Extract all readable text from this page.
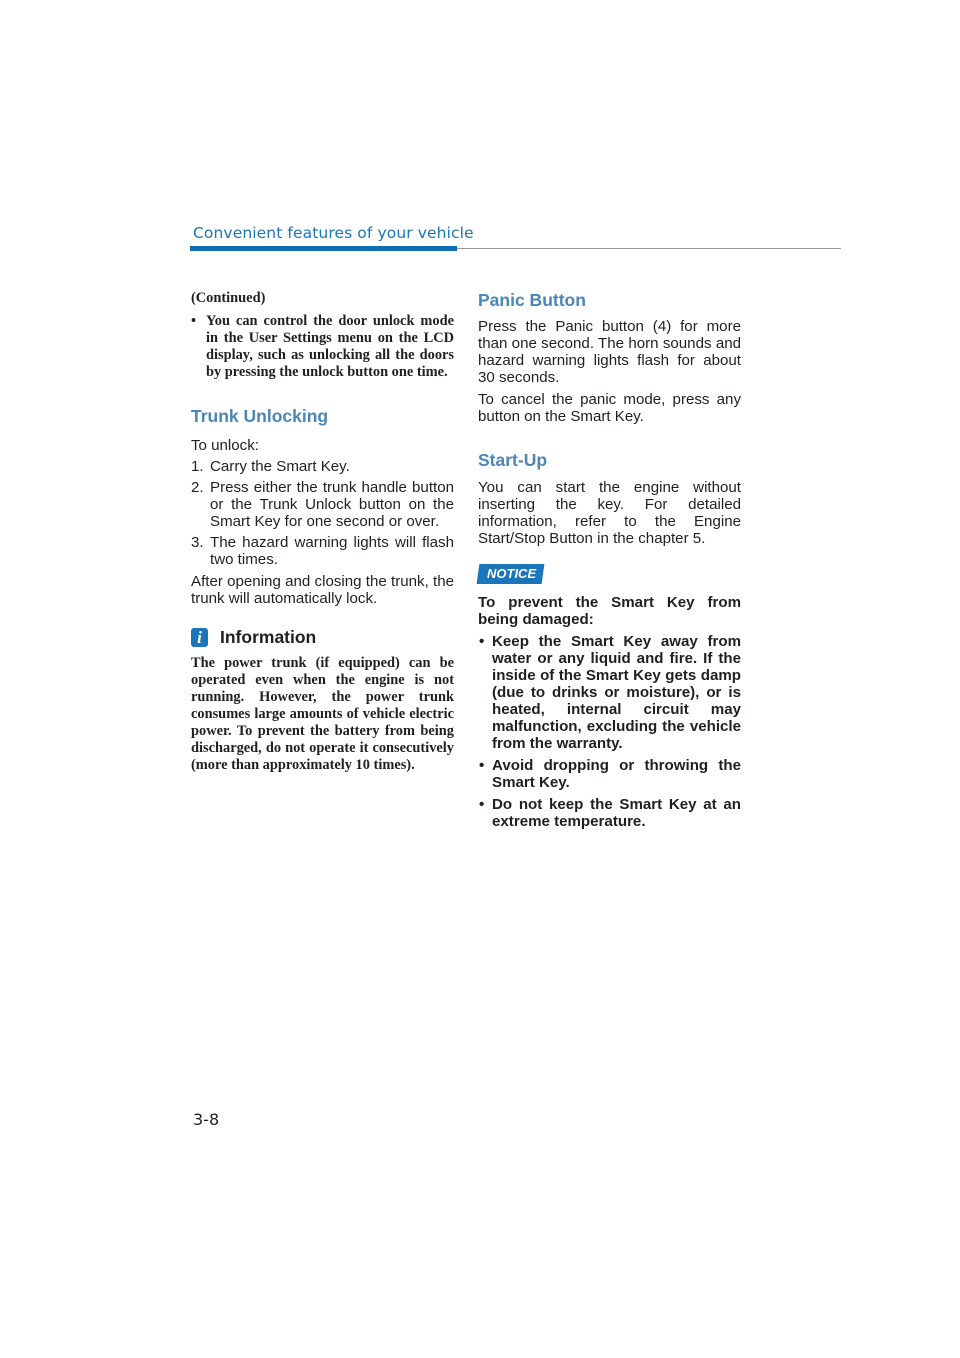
Convenient features of your vehicle
(Continued)
• You can control the door unlock mode in the User Settings menu on the LCD display, such as unlocking all the doors by pressing the unlock button one time.
Trunk Unlocking

To unlock:

1. Carry the Smart Key.
2. Press either the trunk handle button or the Trunk Unlock button on the Smart Key for one second or over.
3. The hazard warning lights will flash two times.

After opening and closing the trunk, the trunk will automatically lock.

i	Information
The power trunk (if equipped) can be operated even when the engine is not running. However, the power trunk consumes large amounts of vehicle electric power. To prevent the battery from being discharged, do not operate it consecutively (more than approximately 10 times).
Panic Button

Press the Panic button (4) for more than one second. The horn sounds and hazard warning lights flash for about 30 seconds.

To cancel the panic mode, press any button on the Smart Key.

Start-Up

You can start the engine without inserting the key. For detailed information, refer to the Engine Start/Stop Button in the chapter 5.

NOTICE
To prevent the Smart Key from being damaged:
• Keep the Smart Key away from water or any liquid and fire. If the inside of the Smart Key gets damp (due to drinks or moisture), or is heated, internal circuit may malfunction, excluding the vehicle from the warranty.
• Avoid dropping or throwing the Smart Key.
• Do not keep the Smart Key at an extreme temperature.
3-8
